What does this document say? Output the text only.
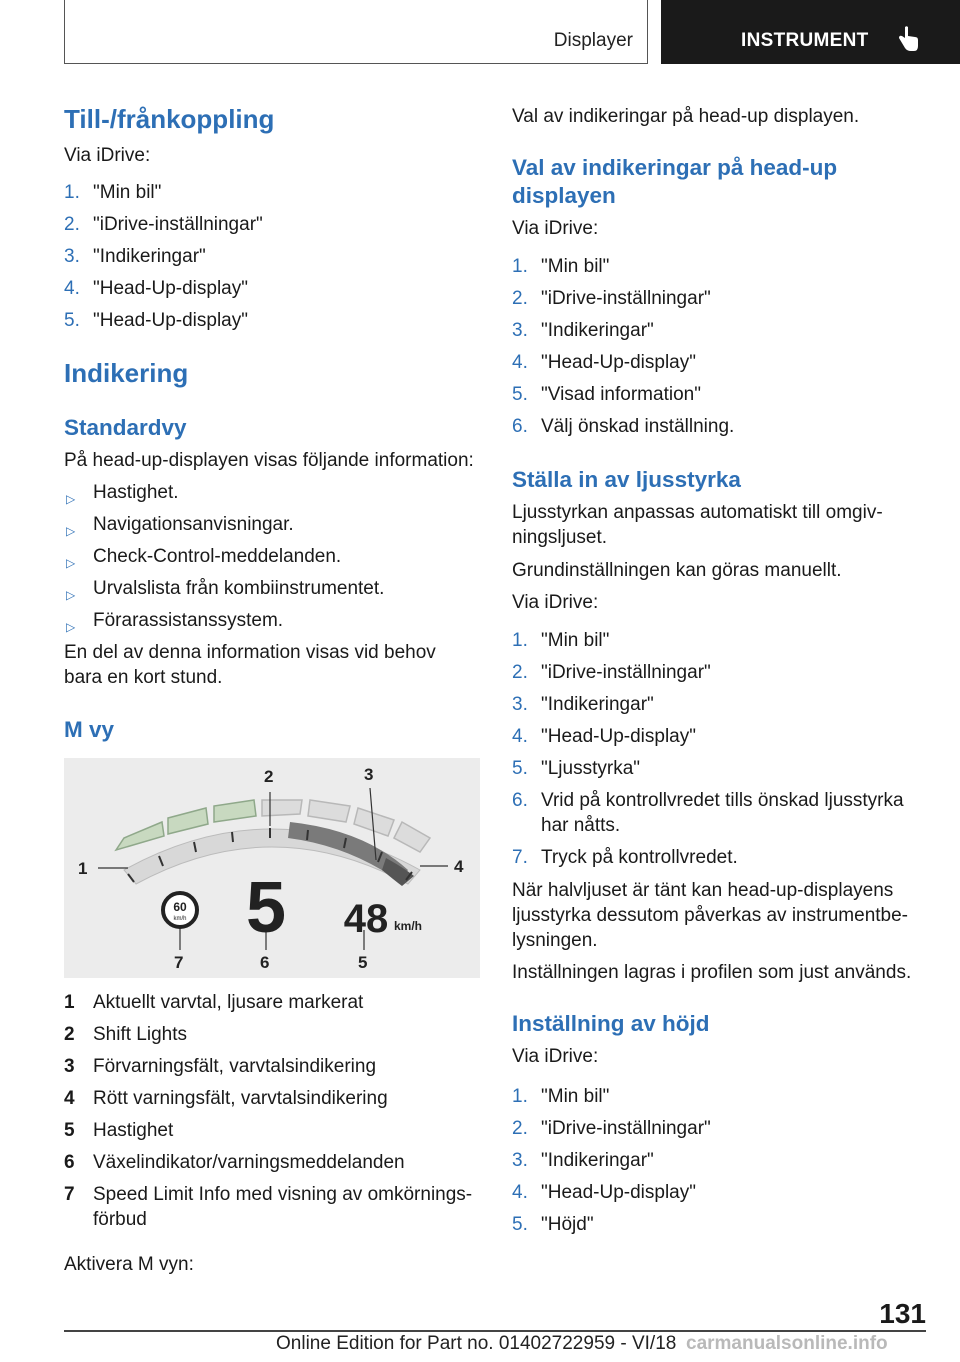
Displayer	INSTRUMENT
Till-/frånkoppling

Via iDrive:

1. "Min bil"
2. "iDrive-inställningar"
3. "Indikeringar"
4. "Head-Up-display"
5. "Head-Up-display"
Indikering
Standardvy

På head-up-displayen visas följande information:

▷ Hastighet.
▷ Navigationsanvisningar.
▷ Check-Control-meddelanden.
▷ Urvalslista från kombiinstrumentet.
▷ Förarassistanssystem.

En del av denna information visas vid behov bara en kort stund.

M vy
1
2	3
4
5
6
7
60
km/h 5 48 km/h
1 Aktuellt varvtal, ljusare markerat
2 Shift Lights
3 Förvarningsfält, varvtalsindikering
4 Rött varningsfält, varvtalsindikering
5 Hastighet
6 Växelindikator/varningsmeddelanden
7 Speed Limit Info med visning av omkörnings-förbud

Aktivera M vyn:

Val av indikeringar på head-up displayen.

Val av indikeringar på head-up displayen

Via iDrive:

1. "Min bil"
2. "iDrive-inställningar"
3. "Indikeringar"
4. "Head-Up-display"
5. "Visad information"
6. Välj önskad inställning.
Ställa in av ljusstyrka

Ljusstyrkan anpassas automatiskt till omgiv-ningsljuset.

Grundinställningen kan göras manuellt.

Via iDrive:

1. "Min bil"
2. "iDrive-inställningar"
3. "Indikeringar"
4. "Head-Up-display"
5. "Ljusstyrka"
6. Vrid på kontrollvredet tills önskad ljusstyrka har nåtts.
7. Tryck på kontrollvredet.

När halvljuset är tänt kan head-up-displayens ljusstyrka dessutom påverkas av instrumentbe-lysningen.

Inställningen lagras i profilen som just används.

Inställning av höjd

Via iDrive:

1. "Min bil"
2. "iDrive-inställningar"
3. "Indikeringar"
4. "Head-Up-display"
5. "Höjd"
131
Online Edition for Part no. 01402722959 - VI/18 carmanualsonline.info
